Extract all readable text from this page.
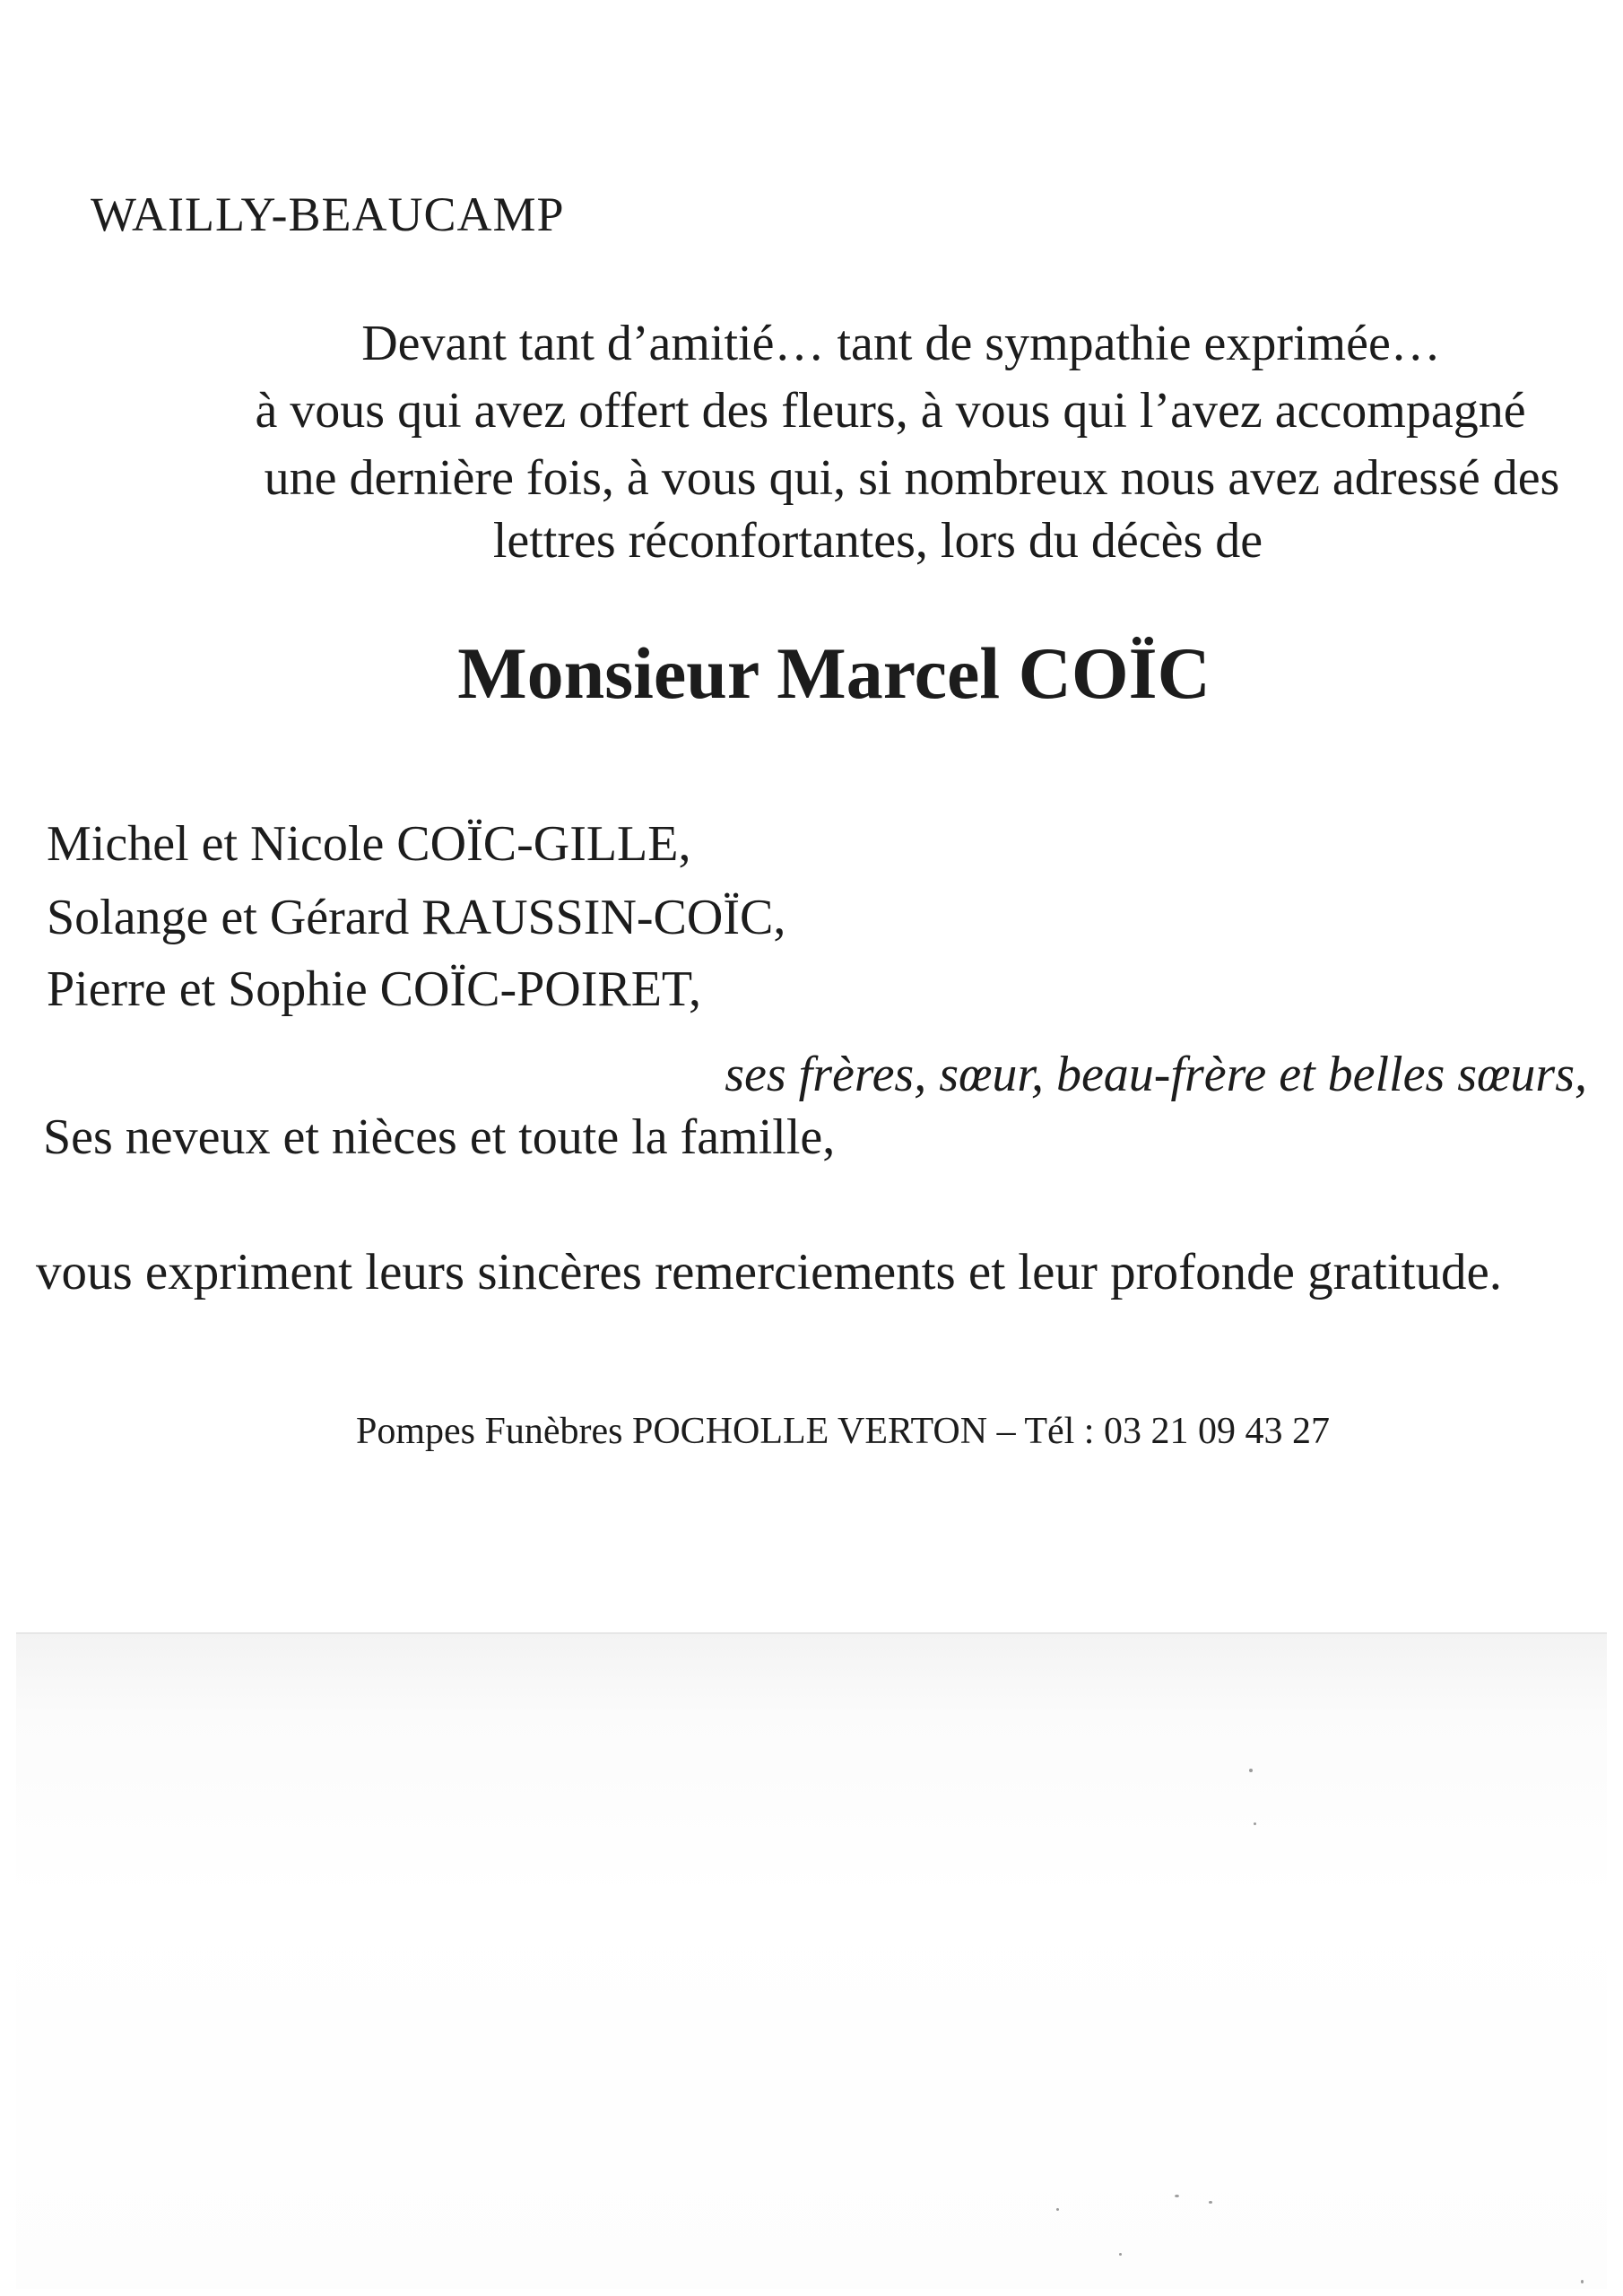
WAILLY-BEAUCAMP
Devant tant d’amitié… tant de sympathie exprimée…
à vous qui avez offert des fleurs, à vous qui l’avez accompagné
une dernière fois, à vous qui, si nombreux nous avez adressé des
lettres réconfortantes, lors du décès de
Monsieur Marcel COÏC
Michel et Nicole COÏC-GILLE,
Solange et Gérard RAUSSIN-COÏC,
Pierre et Sophie COÏC-POIRET,
ses frères, sœur, beau-frère et belles sœurs,
Ses neveux et nièces et toute la famille,
vous expriment leurs sincères remerciements et leur profonde gratitude.
Pompes Funèbres POCHOLLE VERTON – Tél : 03 21 09 43 27
